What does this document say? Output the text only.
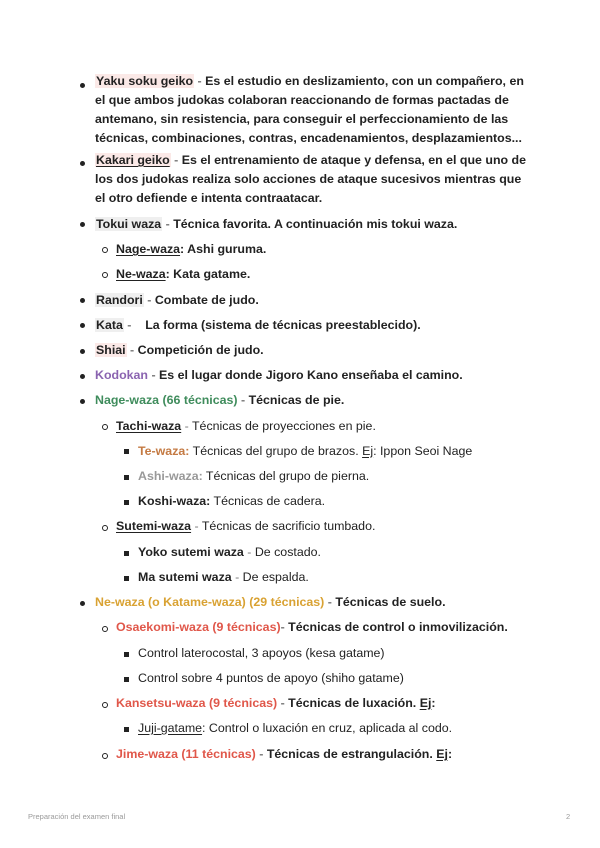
Yaku soku geiko - Es el estudio en deslizamiento, con un compañero, en
el que ambos judokas colaboran reaccionando de formas pactadas de
antemano, sin resistencia, para conseguir el perfeccionamiento de las
técnicas, combinaciones, contras, encadenamientos, desplazamientos...
Kakari geiko - Es el entrenamiento de ataque y defensa, en el que uno de
los dos judokas realiza solo acciones de ataque sucesivos mientras que
el otro defiende e intenta contraatacar.
Tokui waza - Técnica favorita. A continuación mis tokui waza.
Nage-waza: Ashi guruma.
Ne-waza: Kata gatame.
Randori - Combate de judo.
Kata - La forma (sistema de técnicas preestablecido).
Shiai - Competición de judo.
Kodokan - Es el lugar donde Jigoro Kano enseñaba el camino.
Nage-waza (66 técnicas) - Técnicas de pie.
Tachi-waza - Técnicas de proyecciones en pie.
Te-waza: Técnicas del grupo de brazos. Ej: Ippon Seoi Nage
Ashi-waza: Técnicas del grupo de pierna.
Koshi-waza: Técnicas de cadera.
Sutemi-waza - Técnicas de sacrificio tumbado.
Yoko sutemi waza - De costado.
Ma sutemi waza - De espalda.
Ne-waza (o Katame-waza) (29 técnicas) - Técnicas de suelo.
Osaekomi-waza (9 técnicas)- Técnicas de control o inmovilización.
Control laterocostal, 3 apoyos (kesa gatame)
Control sobre 4 puntos de apoyo (shiho gatame)
Kansetsu-waza (9 técnicas) - Técnicas de luxación. Ej:
Juji-gatame: Control o luxación en cruz, aplicada al codo.
Jime-waza (11 técnicas) - Técnicas de estrangulación. Ej:
Preparación del examen final	2
